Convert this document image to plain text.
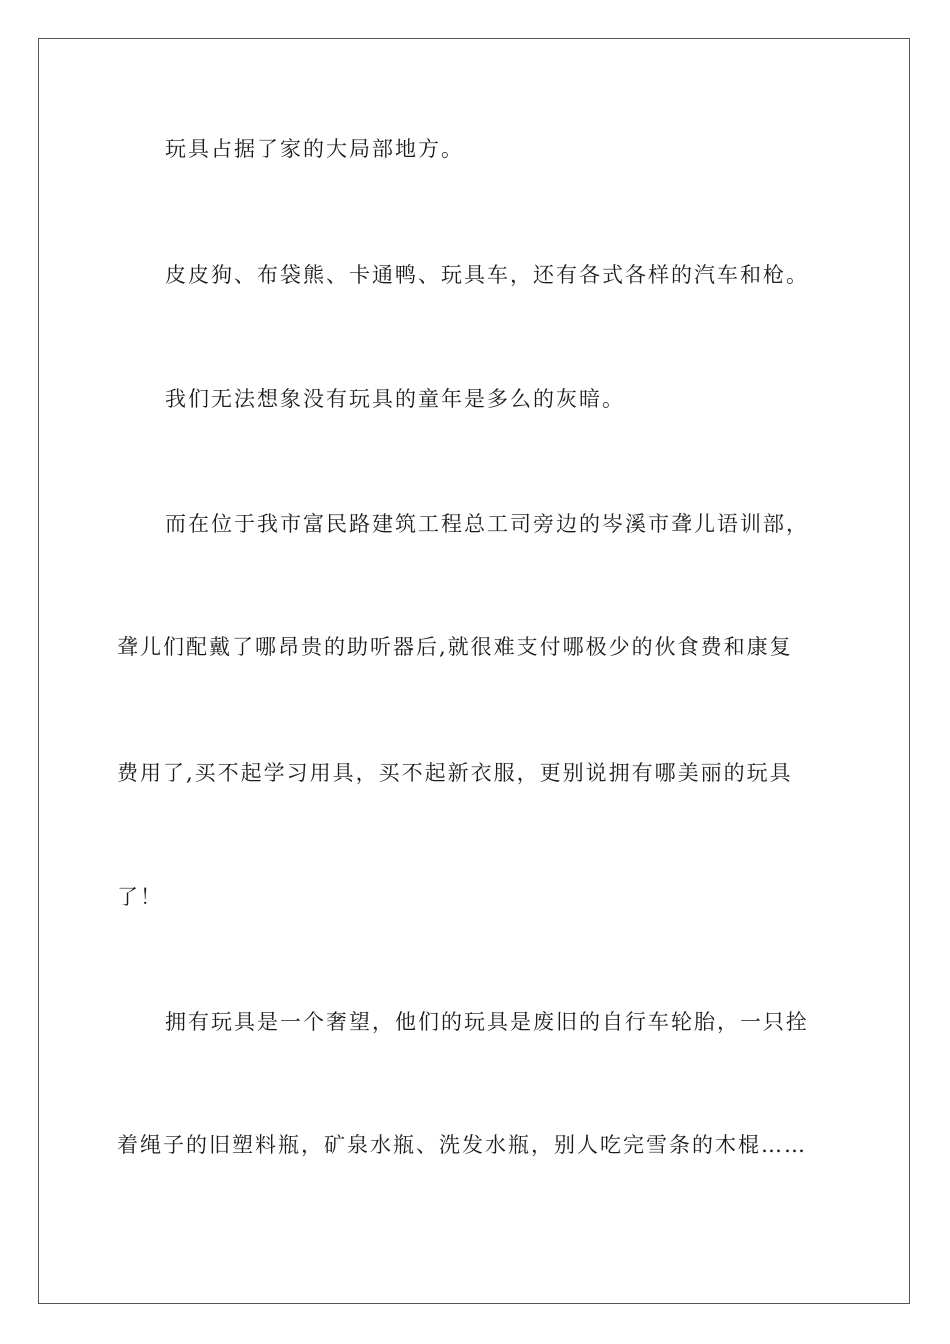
玩具占据了家的大局部地方。
皮皮狗、布袋熊、卡通鸭、玩具车，还有各式各样的汽车和枪。
我们无法想象没有玩具的童年是多么的灰暗。
而在位于我市富民路建筑工程总工司旁边的岑溪市聋儿语训部，
聋儿们配戴了哪昂贵的助听器后,就很难支付哪极少的伙食费和康复
费用了,买不起学习用具，买不起新衣服，更别说拥有哪美丽的玩具
了！
拥有玩具是一个奢望，他们的玩具是废旧的自行车轮胎，一只拴
着绳子的旧塑料瓶，矿泉水瓶、洗发水瓶，别人吃完雪条的木棍……
